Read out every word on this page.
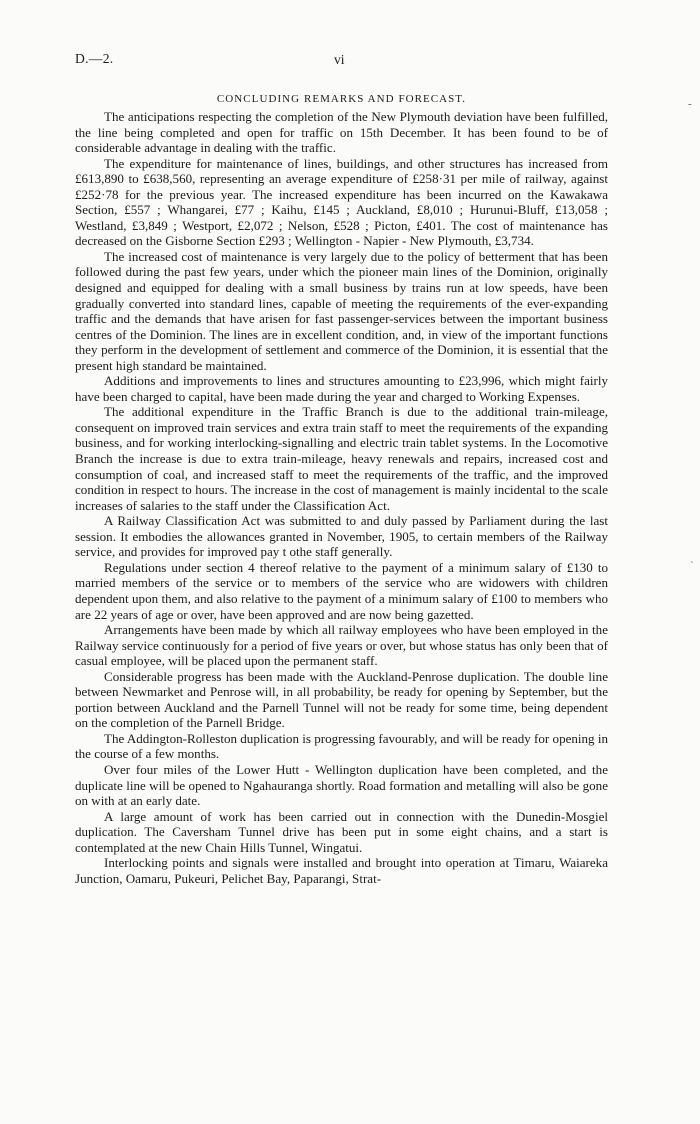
D.—2.	vi
CONCLUDING REMARKS AND FORECAST.

The anticipations respecting the completion of the New Plymouth deviation have been fulfilled, the line being completed and open for traffic on 15th December. It has been found to be of considerable advantage in dealing with the traffic.

The expenditure for maintenance of lines, buildings, and other structures has increased from £613,890 to £638,560, representing an average expenditure of £258·31 per mile of railway, against £252·78 for the previous year. The increased expenditure has been incurred on the Kawakawa Section, £557 ; Whangarei, £77 ; Kaihu, £145 ; Auckland, £8,010 ; Hurunui-Bluff, £13,058 ; Westland, £3,849 ; Westport, £2,072 ; Nelson, £528 ; Picton, £401. The cost of maintenance has decreased on the Gisborne Section £293 ; Wellington - Napier - New Plymouth, £3,734.

The increased cost of maintenance is very largely due to the policy of betterment that has been followed during the past few years, under which the pioneer main lines of the Dominion, originally designed and equipped for dealing with a small business by trains run at low speeds, have been gradually converted into standard lines, capable of meeting the requirements of the ever-expanding traffic and the demands that have arisen for fast passenger-services between the important business centres of the Dominion. The lines are in excellent condition, and, in view of the important functions they perform in the development of settlement and commerce of the Dominion, it is essential that the present high standard be maintained.

Additions and improvements to lines and structures amounting to £23,996, which might fairly have been charged to capital, have been made during the year and charged to Working Expenses.

The additional expenditure in the Traffic Branch is due to the additional train-mileage, consequent on improved train services and extra train staff to meet the requirements of the expanding business, and for working interlocking-signalling and electric train tablet systems. In the Locomotive Branch the increase is due to extra train-mileage, heavy renewals and repairs, increased cost and consumption of coal, and increased staff to meet the requirements of the traffic, and the improved condition in respect to hours. The increase in the cost of management is mainly incidental to the scale increases of salaries to the staff under the Classification Act.

A Railway Classification Act was submitted to and duly passed by Parliament during the last session. It embodies the allowances granted in November, 1905, to certain members of the Railway service, and provides for improved pay t othe staff generally.

Regulations under section 4 thereof relative to the payment of a minimum salary of £130 to married members of the service or to members of the service who are widowers with children dependent upon them, and also relative to the payment of a minimum salary of £100 to members who are 22 years of age or over, have been approved and are now being gazetted.

Arrangements have been made by which all railway employees who have been employed in the Railway service continuously for a period of five years or over, but whose status has only been that of casual employee, will be placed upon the permanent staff.

Considerable progress has been made with the Auckland-Penrose duplication. The double line between Newmarket and Penrose will, in all probability, be ready for opening by September, but the portion between Auckland and the Parnell Tunnel will not be ready for some time, being dependent on the completion of the Parnell Bridge.

The Addington-Rolleston duplication is progressing favourably, and will be ready for opening in the course of a few months.

Over four miles of the Lower Hutt - Wellington duplication have been completed, and the duplicate line will be opened to Ngahauranga shortly. Road formation and metalling will also be gone on with at an early date.

A large amount of work has been carried out in connection with the Dunedin-Mosgiel duplication. The Caversham Tunnel drive has been put in some eight chains, and a start is contemplated at the new Chain Hills Tunnel, Wingatui.

Interlocking points and signals were installed and brought into operation at Timaru, Waiareka Junction, Oamaru, Pukeuri, Pelichet Bay, Paparangi, Strat-

-
`
